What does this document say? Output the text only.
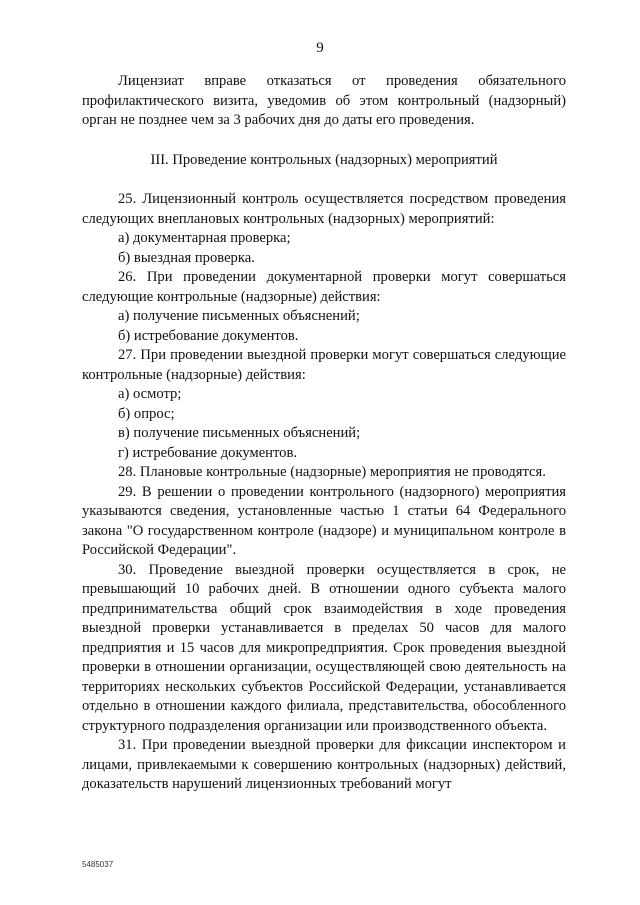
9

Лицензиат вправе отказаться от проведения обязательного профилактического визита, уведомив об этом контрольный (надзорный) орган не позднее чем за 3 рабочих дня до даты его проведения.

III. Проведение контрольных (надзорных) мероприятий

25. Лицензионный контроль осуществляется посредством проведения следующих внеплановых контрольных (надзорных) мероприятий:

а) документарная проверка;

б) выездная проверка.

26. При проведении документарной проверки могут совершаться следующие контрольные (надзорные) действия:

а) получение письменных объяснений;

б) истребование документов.

27. При проведении выездной проверки могут совершаться следующие контрольные (надзорные) действия:

а) осмотр;

б) опрос;

в) получение письменных объяснений;

г) истребование документов.

28. Плановые контрольные (надзорные) мероприятия не проводятся.

29. В решении о проведении контрольного (надзорного) мероприятия указываются сведения, установленные частью 1 статьи 64 Федерального закона "О государственном контроле (надзоре) и муниципальном контроле в Российской Федерации".

30. Проведение выездной проверки осуществляется в срок, не превышающий 10 рабочих дней. В отношении одного субъекта малого предпринимательства общий срок взаимодействия в ходе проведения выездной проверки устанавливается в пределах 50 часов для малого предприятия и 15 часов для микропредприятия. Срок проведения выездной проверки в отношении организации, осуществляющей свою деятельность на территориях нескольких субъектов Российской Федерации, устанавливается отдельно в отношении каждого филиала, представительства, обособленного структурного подразделения организации или производственного объекта.

31. При проведении выездной проверки для фиксации инспектором и лицами, привлекаемыми к совершению контрольных (надзорных) действий, доказательств нарушений лицензионных требований могут

5485037
